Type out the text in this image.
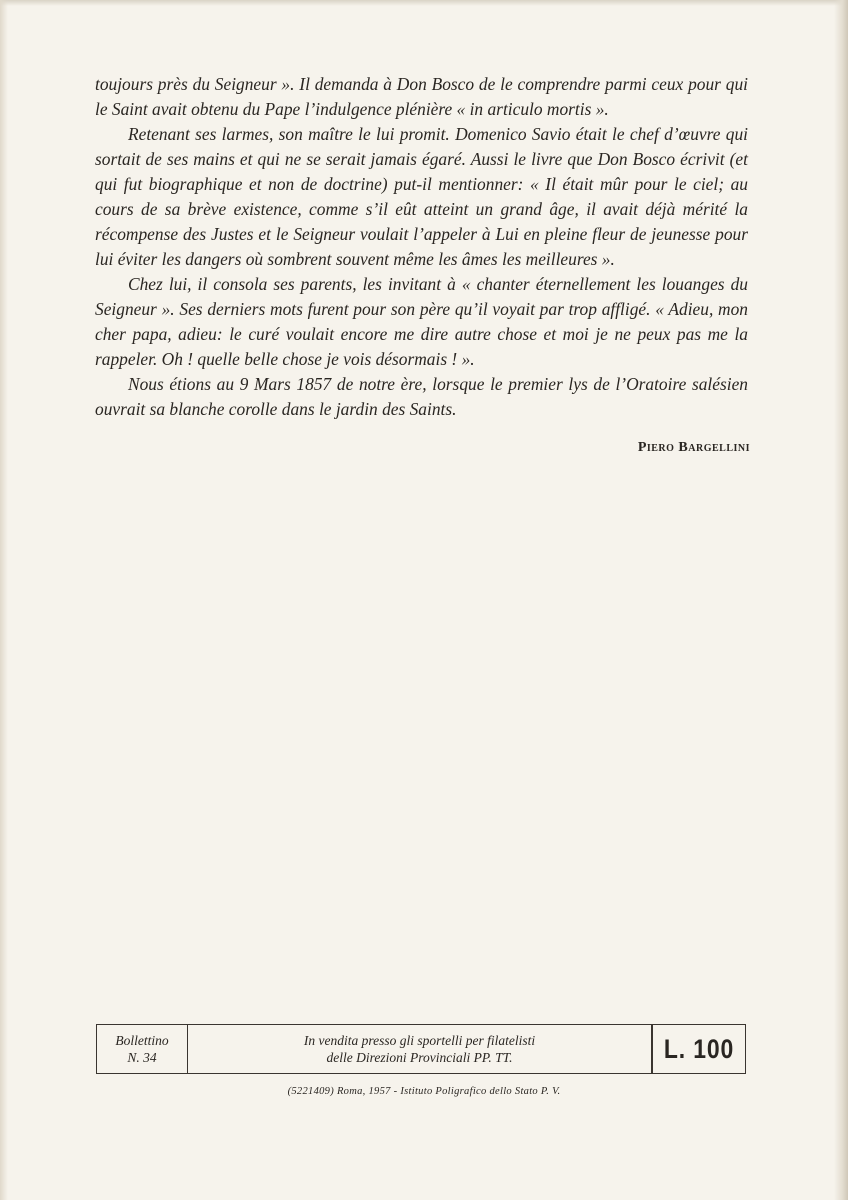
toujours près du Seigneur ». Il demanda à Don Bosco de le comprendre parmi ceux pour qui le Saint avait obtenu du Pape l’indulgence plénière « in articulo mortis ».

Retenant ses larmes, son maître le lui promit. Domenico Savio était le chef d’œuvre qui sortait de ses mains et qui ne se serait jamais égaré. Aussi le livre que Don Bosco écrivit (et qui fut biographique et non de doctrine) put-il mentionner: « Il était mûr pour le ciel; au cours de sa brève existence, comme s’il eût atteint un grand âge, il avait déjà mérité la récompense des Justes et le Seigneur voulait l’appeler à Lui en pleine fleur de jeunesse pour lui éviter les dangers où sombrent souvent même les âmes les meilleures ».

Chez lui, il consola ses parents, les invitant à « chanter éternellement les louanges du Seigneur ». Ses derniers mots furent pour son père qu’il voyait par trop affligé. « Adieu, mon cher papa, adieu: le curé voulait encore me dire autre chose et moi je ne peux pas me la rappeler. Oh ! quelle belle chose je vois désormais ! ».

Nous étions au 9 Mars 1857 de notre ère, lorsque le premier lys de l’Oratoire salésien ouvrait sa blanche corolle dans le jardin des Saints.

Piero Bargellini
Bollettino
N. 34
In vendita presso gli sportelli per filatelisti
delle Direzioni Provinciali PP. TT.	L. 100
(5221409) Roma, 1957 - Istituto Poligrafico dello Stato P. V.
